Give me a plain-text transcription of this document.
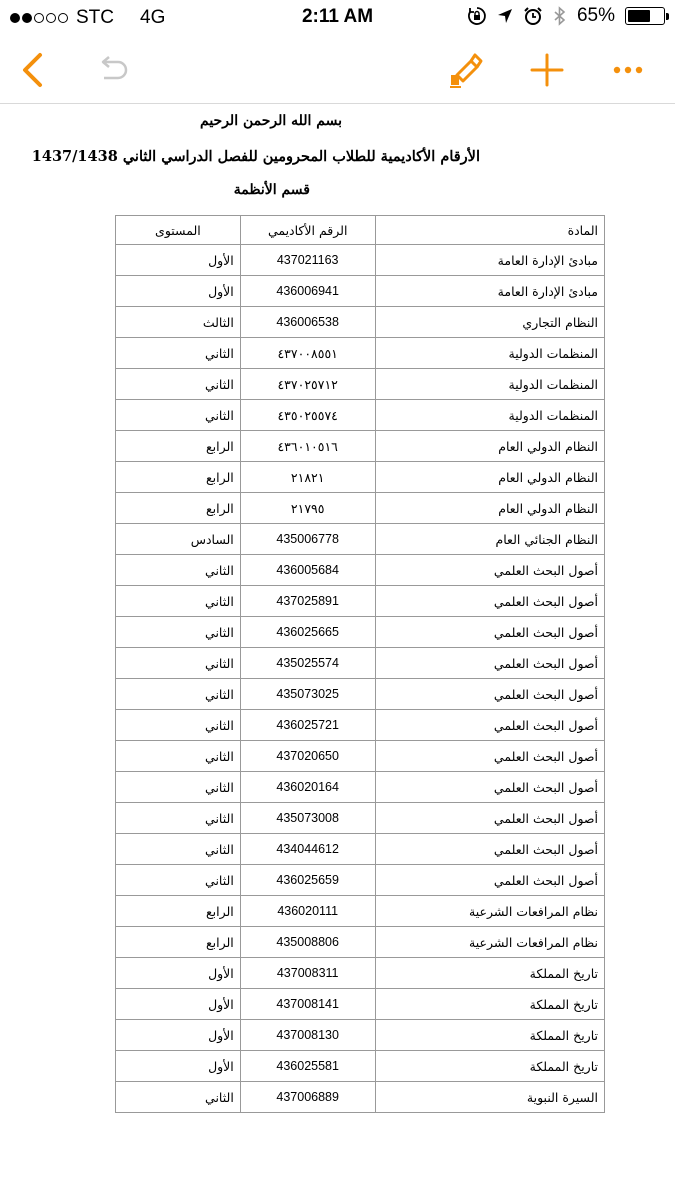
STC 4G	2:11 AM	65%
بسم الله الرحمن الرحيم
الأرقام الأكاديمية للطلاب المحرومين للفصل الدراسي الثاني 1437/1438
قسم الأنظمة
المادة	الرقم الأكاديمي	المستوى
مبادئ الإدارة العامة	437021163	الأول
مبادئ الإدارة العامة	436006941	الأول
النظام التجاري	436006538	الثالث
المنظمات الدولية	٤٣٧٠٠٨٥٥١	الثاني
المنظمات الدولية	٤٣٧٠٢٥٧١٢	الثاني
المنظمات الدولية	٤٣٥٠٢٥٥٧٤	الثاني
النظام الدولي العام	٤٣٦٠١٠٥١٦	الرابع
النظام الدولي العام	٢١٨٢١	الرابع
النظام الدولي العام	٢١٧٩٥	الرابع
النظام الجنائي العام	435006778	السادس
أصول البحث العلمي	436005684	الثاني
أصول البحث العلمي	437025891	الثاني
أصول البحث العلمي	436025665	الثاني
أصول البحث العلمي	435025574	الثاني
أصول البحث العلمي	435073025	الثاني
أصول البحث العلمي	436025721	الثاني
أصول البحث العلمي	437020650	الثاني
أصول البحث العلمي	436020164	الثاني
أصول البحث العلمي	435073008	الثاني
أصول البحث العلمي	434044612	الثاني
أصول البحث العلمي	436025659	الثاني
نظام المرافعات الشرعية	436020111	الرابع
نظام المرافعات الشرعية	435008806	الرابع
تاريخ المملكة	437008311	الأول
تاريخ المملكة	437008141	الأول
تاريخ المملكة	437008130	الأول
تاريخ المملكة	436025581	الأول
السيرة النبوية	437006889	الثاني
